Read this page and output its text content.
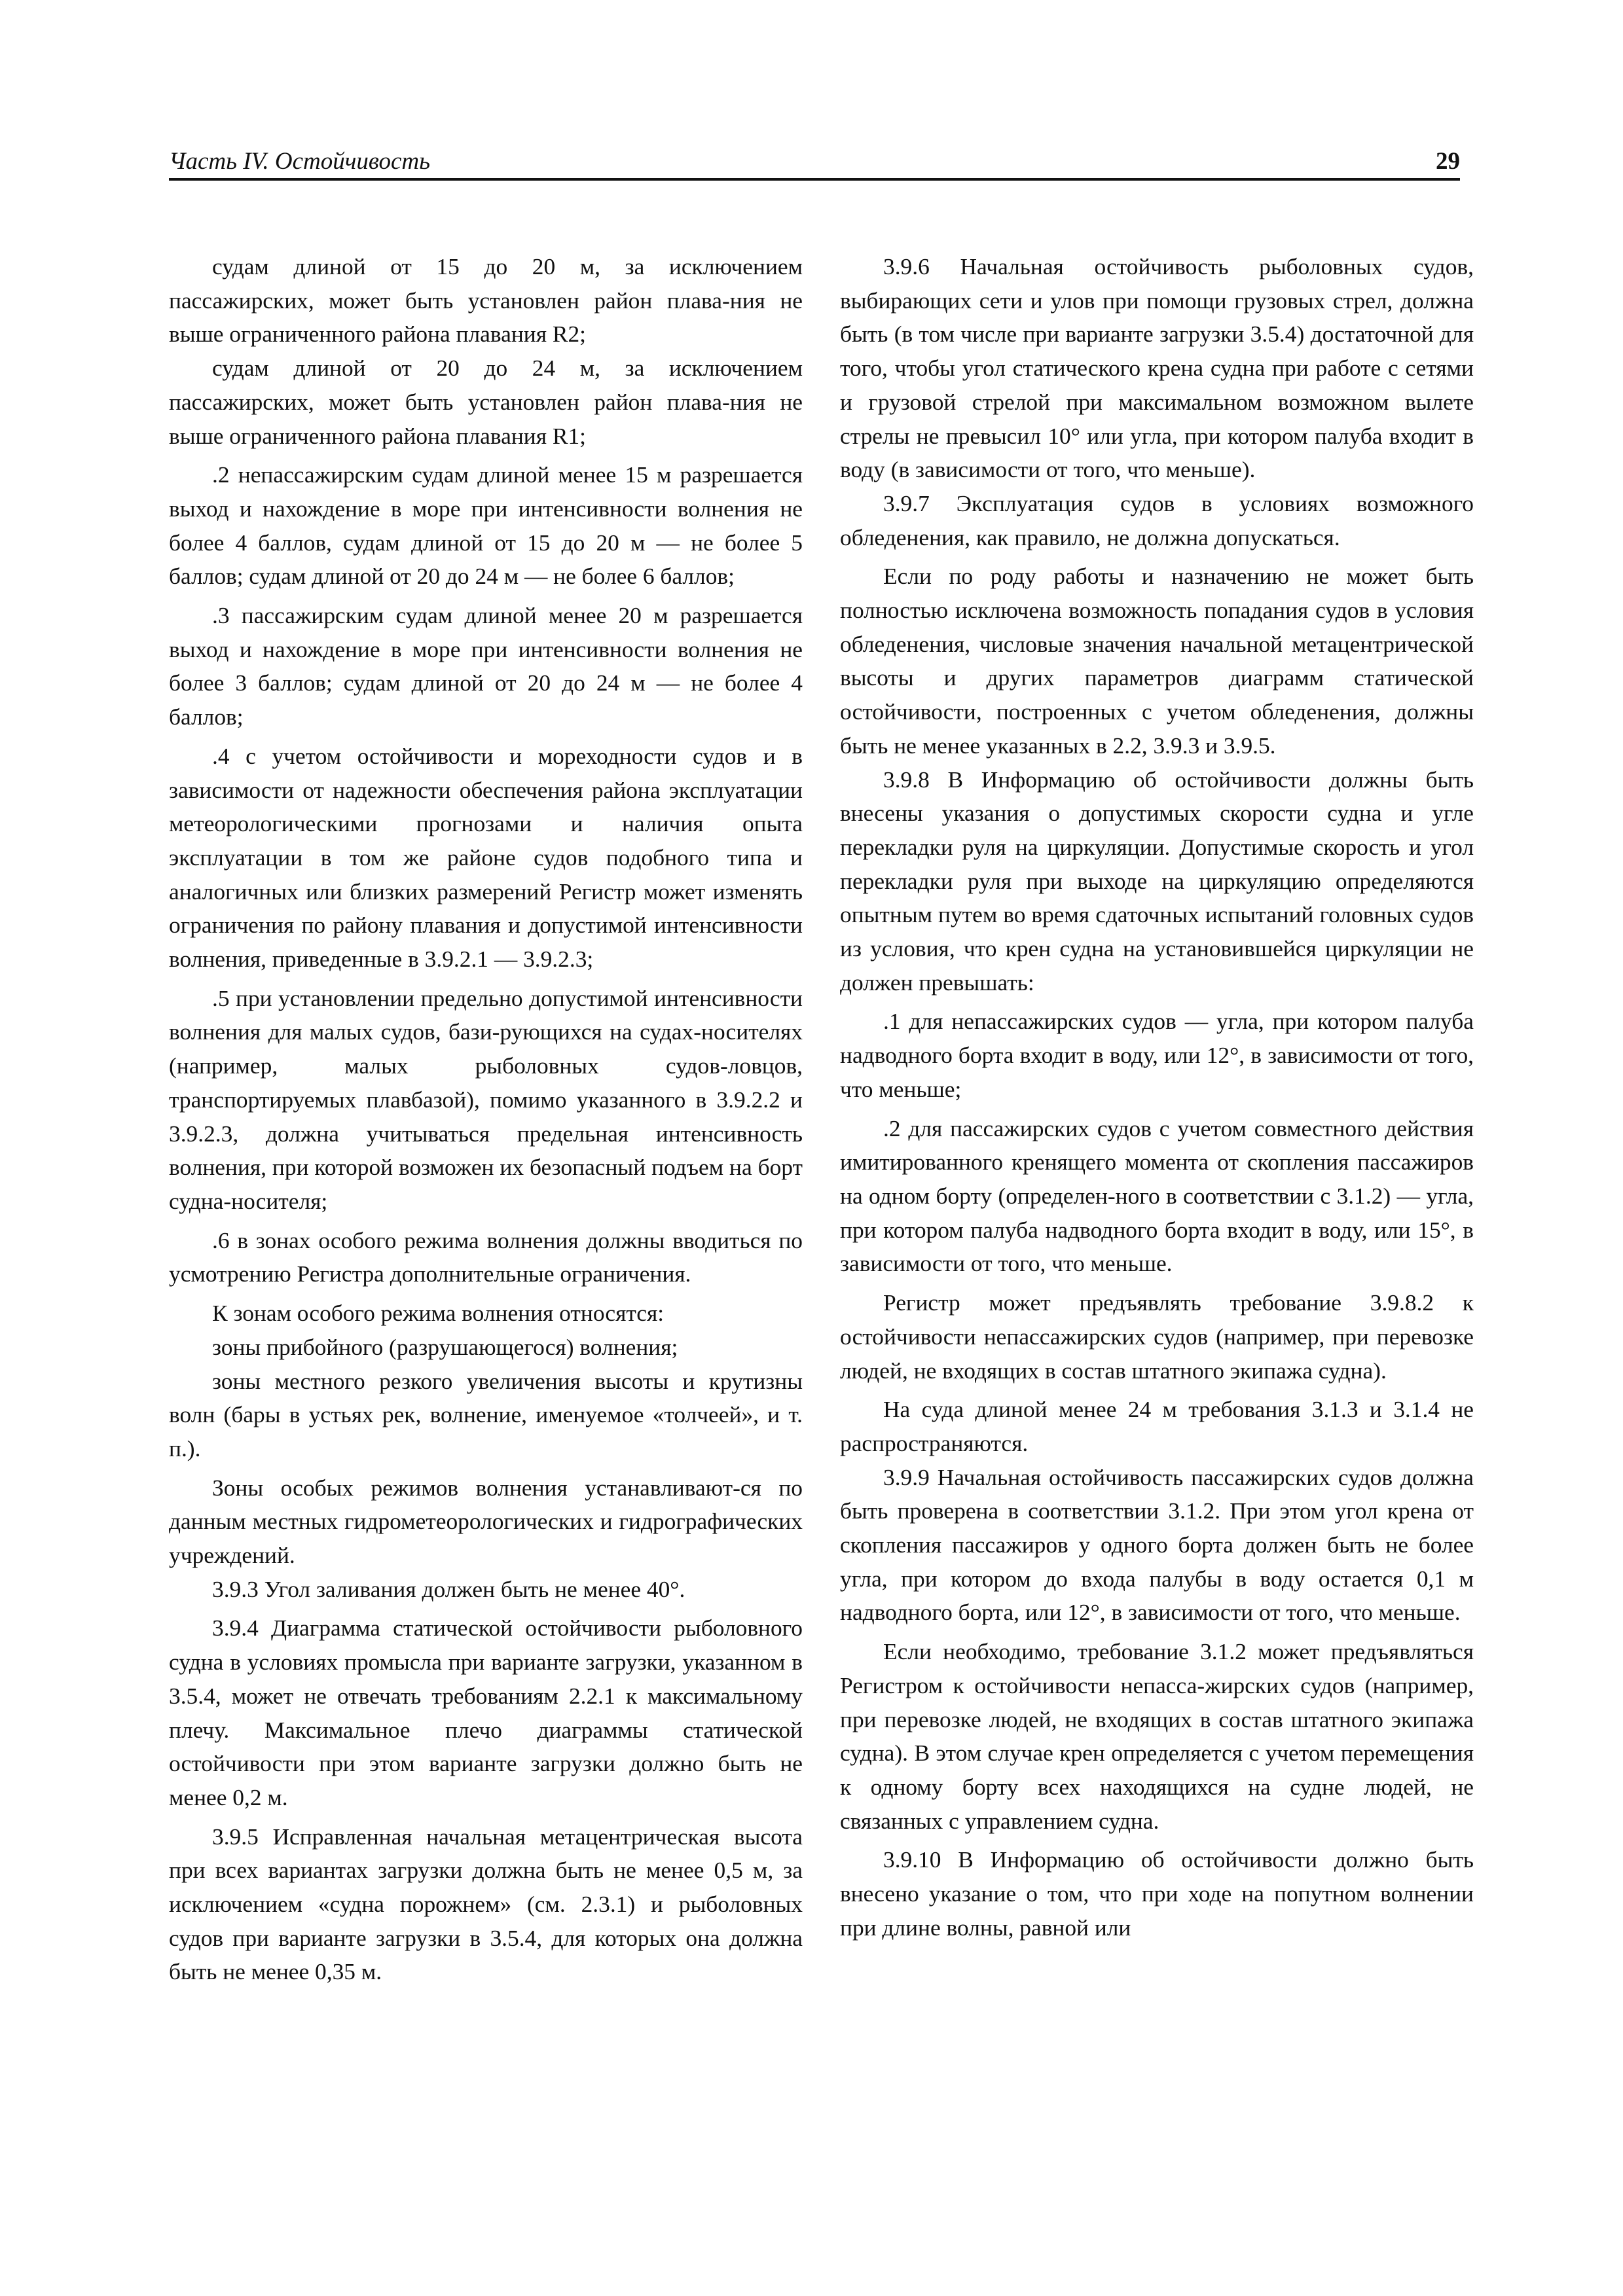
Часть IV. Остойчивость	29

судам длиной от 15 до 20 м, за исключением пассажирских, может быть установлен район плава-ния не выше ограниченного района плавания R2;

судам длиной от 20 до 24 м, за исключением пассажирских, может быть установлен район плава-ния не выше ограниченного района плавания R1;

.2 непассажирским судам длиной менее 15 м разрешается выход и нахождение в море при интенсивности волнения не более 4 баллов, судам длиной от 15 до 20 м — не более 5 баллов; судам длиной от 20 до 24 м — не более 6 баллов;

.3 пассажирским судам длиной менее 20 м разрешается выход и нахождение в море при интенсивности волнения не более 3 баллов; судам длиной от 20 до 24 м — не более 4 баллов;

.4 с учетом остойчивости и мореходности судов и в зависимости от надежности обеспечения района эксплуатации метеорологическими прогнозами и наличия опыта эксплуатации в том же районе судов подобного типа и аналогичных или близких размерений Регистр может изменять ограничения по району плавания и допустимой интенсивности волнения, приведенные в 3.9.2.1 — 3.9.2.3;

.5 при установлении предельно допустимой интенсивности волнения для малых судов, бази-рующихся на судах-носителях (например, малых рыболовных судов-ловцов, транспортируемых плавбазой), помимо указанного в 3.9.2.2 и 3.9.2.3, должна учитываться предельная интенсивность волнения, при которой возможен их безопасный подъем на борт судна-носителя;

.6 в зонах особого режима волнения должны вводиться по усмотрению Регистра дополнительные ограничения.

К зонам особого режима волнения относятся:

зоны прибойного (разрушающегося) волнения;

зоны местного резкого увеличения высоты и крутизны волн (бары в устьях рек, волнение, именуемое «толчеей», и т. п.).

Зоны особых режимов волнения устанавливают-ся по данным местных гидрометеорологических и гидрографических учреждений.

3.9.3 Угол заливания должен быть не менее 40°.

3.9.4 Диаграмма статической остойчивости рыболовного судна в условиях промысла при варианте загрузки, указанном в 3.5.4, может не отвечать требованиям 2.2.1 к максимальному плечу. Максимальное плечо диаграммы статической остойчивости при этом варианте загрузки должно быть не менее 0,2 м.

3.9.5 Исправленная начальная метацентрическая высота при всех вариантах загрузки должна быть не менее 0,5 м, за исключением «судна порожнем» (см. 2.3.1) и рыболовных судов при варианте загрузки в 3.5.4, для которых она должна быть не менее 0,35 м.

3.9.6 Начальная остойчивость рыболовных судов, выбирающих сети и улов при помощи грузовых стрел, должна быть (в том числе при варианте загрузки 3.5.4) достаточной для того, чтобы угол статического крена судна при работе с сетями и грузовой стрелой при максимальном возможном вылете стрелы не превысил 10° или угла, при котором палуба входит в воду (в зависимости от того, что меньше).

3.9.7 Эксплуатация судов в условиях возможного обледенения, как правило, не должна допускаться.

Если по роду работы и назначению не может быть полностью исключена возможность попадания судов в условия обледенения, числовые значения начальной метацентрической высоты и других параметров диаграмм статической остойчивости, построенных с учетом обледенения, должны быть не менее указанных в 2.2, 3.9.3 и 3.9.5.

3.9.8 В Информацию об остойчивости должны быть внесены указания о допустимых скорости судна и угле перекладки руля на циркуляции. Допустимые скорость и угол перекладки руля при выходе на циркуляцию определяются опытным путем во время сдаточных испытаний головных судов из условия, что крен судна на установившейся циркуляции не должен превышать:

.1 для непассажирских судов — угла, при котором палуба надводного борта входит в воду, или 12°, в зависимости от того, что меньше;

.2 для пассажирских судов с учетом совместного действия имитированного кренящего момента от скопления пассажиров на одном борту (определен-ного в соответствии с 3.1.2) — угла, при котором палуба надводного борта входит в воду, или 15°, в зависимости от того, что меньше.

Регистр может предъявлять требование 3.9.8.2 к остойчивости непассажирских судов (например, при перевозке людей, не входящих в состав штатного экипажа судна).

На суда длиной менее 24 м требования 3.1.3 и 3.1.4 не распространяются.

3.9.9 Начальная остойчивость пассажирских судов должна быть проверена в соответствии 3.1.2. При этом угол крена от скопления пассажиров у одного борта должен быть не более угла, при котором до входа палубы в воду остается 0,1 м надводного борта, или 12°, в зависимости от того, что меньше.

Если необходимо, требование 3.1.2 может предъявляться Регистром к остойчивости непасса-жирских судов (например, при перевозке людей, не входящих в состав штатного экипажа судна). В этом случае крен определяется с учетом перемещения к одному борту всех находящихся на судне людей, не связанных с управлением судна.

3.9.10 В Информацию об остойчивости должно быть внесено указание о том, что при ходе на попутном волнении при длине волны, равной или
